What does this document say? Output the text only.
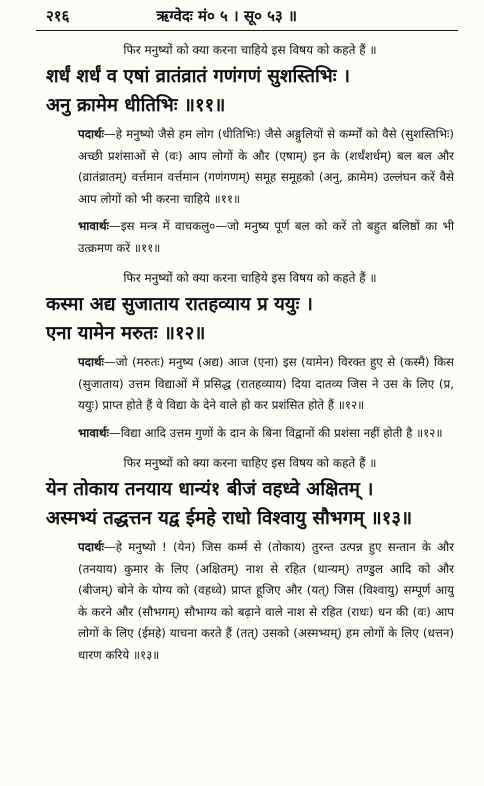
२१६	ऋग्वेदः मं० ५ । सू० ५३ ॥
फिर मनुष्यों को क्या करना चाहिये इस विषय को कहते हैं ॥
शर्धं शर्धं व एषां व्रातंव्रातं गणंगणं सुशस्तिभिः ।
अनु क्रामेम धीतिभिः ॥११॥
पदार्थः—हे मनुष्यो जैसे हम लोग (धीतिभिः) जैसे अङ्गुलियों से कर्म्मों को वैसे (सुशस्तिभिः) अच्छी प्रशंसाओं से (वः) आप लोगों के और (एषाम्) इन के (शर्धंशर्धम्) बल बल और (व्रातंव्रातम्) वर्त्तमान वर्त्तमान (गणंगणम्) समूह समूहको (अनु, क्रामेम) उल्लंघन करें वैसे आप लोगों को भी करना चाहिये ॥११॥
भावार्थः—इस मन्त्र में वाचकलु०—जो मनुष्य पूर्ण बल को करें तो बहुत बलिष्ठों का भी उत्क्रमण करें ॥११॥
फिर मनुष्यों को क्या करना चाहिये इस विषय को कहते हैं ॥
कस्मा अद्य सुजाताय रातहव्याय प्र ययुः ।
एना यामेन मरुतः ॥१२॥
पदार्थः—जो (मरुतः) मनुष्य (अद्य) आज (एना) इस (यामेन) विरक्त हुए से (कस्मै) किस (सुजाताय) उत्तम विद्याओं में प्रसिद्ध (रातहव्याय) दिया दातव्य जिस ने उस के लिए (प्र, ययुः) प्राप्त होते हैं वे विद्या के देने वाले हो कर प्रशंसित होते हैं ॥१२॥
भावार्थः—विद्या आदि उत्तम गुणों के दान के बिना विद्वानों की प्रशंसा नहीं होती है ॥१२॥
फिर मनुष्यों को क्या करना चाहिए इस विषय को कहते हैं ॥
येन तोकाय तनयाय धान्यं१ बीजं वहध्वे अक्षितम् ।
अस्मभ्यं तद्धत्तन यद्व ईमहे राधो विश्वायु सौभगम् ॥१३॥
पदार्थः—हे मनुष्यो ! (येन) जिस कर्म्म से (तोकाय) तुरन्त उत्पन्न हुए सन्तान के और (तनयाय) कुमार के लिए (अक्षितम्) नाश से रहित (धान्यम्) तण्डुल आदि को और (बीजम्) बोने के योग्य को (वहध्वे) प्राप्त हूजिए और (यत्) जिस (विश्वायु) सम्पूर्ण आयु के करने और (सौभगम्) सौभाग्य को बढ़ाने वाले नाश से रहित (राधः) धन की (वः) आप लोगों के लिए (ईमहे) याचना करते हैं (तत्) उसको (अस्मभ्यम्) हम लोगों के लिए (धत्तन) धारण करिये ॥१३॥
